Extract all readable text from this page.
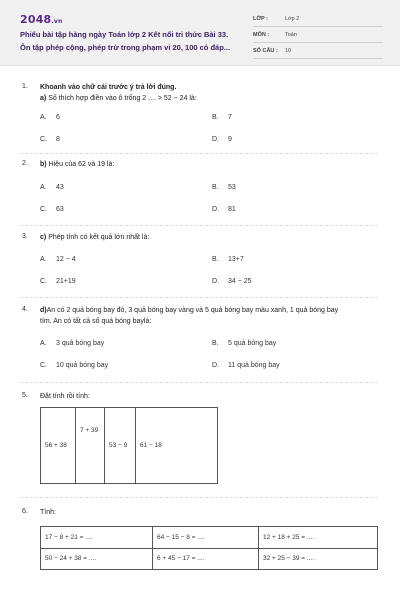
2048.vn
Phiếu bài tập hàng ngày Toán lớp 2 Kết nối tri thức Bài 33.
Ôn tập phép cộng, phép trừ trong phạm vi 20, 100 có đáp...
LỚP :	Lớp 2
MÔN :	Toán
SỐ CÂU : 10
1. Khoanh vào chữ cái trước ý trả lời đúng.
a) Số thích hợp điền vào ô trống 2 .... > 52 − 24 là:
A. 6	B. 7
C. 8	D. 9
2. b) Hiệu của 62 và 19 là:
A. 43	B. 53
C. 63	D. 81
3. c) Phép tính có kết quả lớn nhất là:
A. 12 − 4	B. 13+7
C. 21+19	D. 34 − 25
4. d)An có 2 quả bóng bay đỏ, 3 quả bóng bay vàng và 5 quả bóng bay màu xanh, 1 quả bóng bay
tím. An có tất cả số quả bóng baylà:
A. 3 quả bóng bay	B. 5 quả bóng bay
C. 10 quả bóng bay	D. 11 quả bóng bay
5. Đặt tính rồi tính:
56 + 38	7 + 39	53 − 9	61 − 18
6. Tính:
17 − 8 + 21 = ....	64 − 15 − 8 = ....	12 + 18 + 25 = ....
50 − 24 + 38 = ....	6 + 45 − 17 = ....	32 + 25 − 39 = ....
